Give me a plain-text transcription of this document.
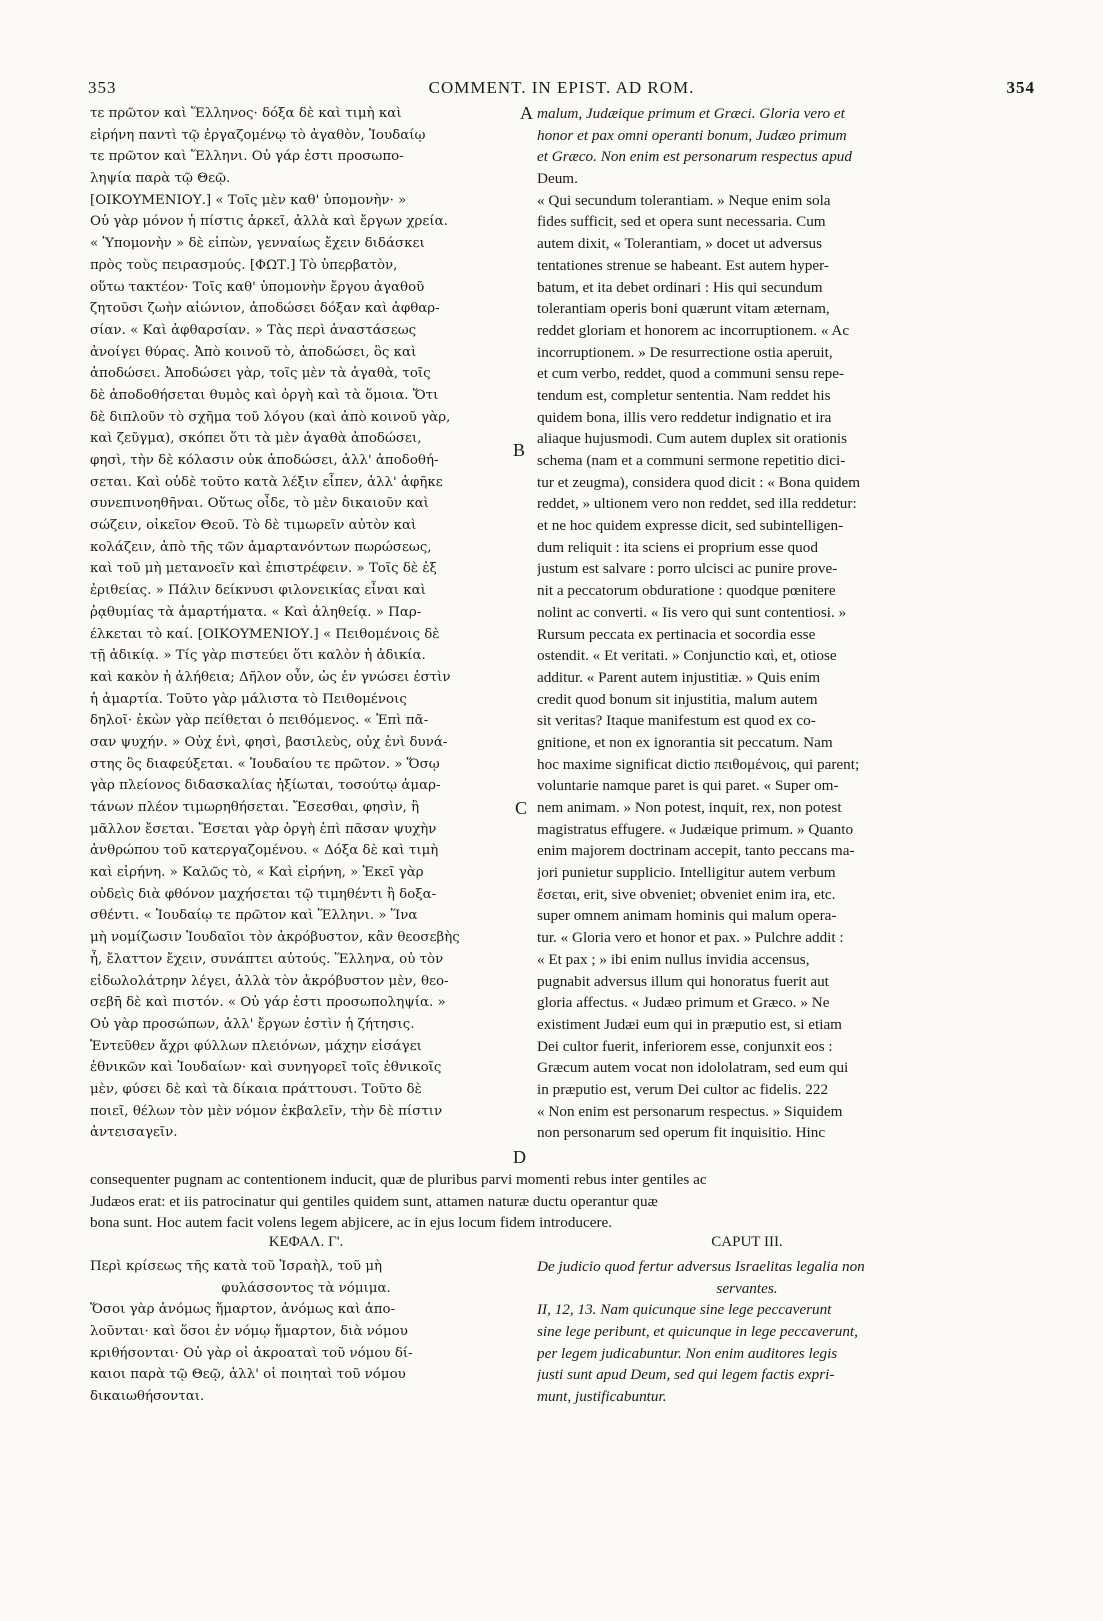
353	COMMENT. IN EPIST. AD ROM.	354
τε πρῶτον καὶ Ἕλληνος· δόξα δὲ καὶ τιμὴ καὶ
εἰρήνη παντὶ τῷ ἐργαζομένῳ τὸ ἀγαθὸν, Ἰουδαίῳ
τε πρῶτον καὶ Ἕλληνι. Οὐ γάρ ἐστι προσωπο-
ληψία παρὰ τῷ Θεῷ.
[ΟΙΚΟΥΜΕΝΙΟΥ.] « Τοῖς μὲν καθ' ὑπομονὴν· »
Οὐ γὰρ μόνον ἡ πίστις ἀρκεῖ, ἀλλὰ καὶ ἔργων χρεία.
« Ὑπομονὴν » δὲ εἰπὼν, γενναίως ἔχειν διδάσκει
πρὸς τοὺς πειρασμούς. [ΦΩΤ.] Τὸ ὑπερβατὸν,
οὕτω τακτέον· Τοῖς καθ' ὑπομονὴν ἔργου ἀγαθοῦ
ζητοῦσι ζωὴν αἰώνιον, ἀποδώσει δόξαν καὶ ἀφθαρ-
σίαν. « Καὶ ἀφθαρσίαν. » Τὰς περὶ ἀναστάσεως
ἀνοίγει θύρας. Ἀπὸ κοινοῦ τὸ, ἀποδώσει, ὃς καὶ
ἀποδώσει. Ἀποδώσει γὰρ, τοῖς μὲν τὰ ἀγαθὰ, τοῖς
δὲ ἀποδοθήσεται θυμὸς καὶ ὀργὴ καὶ τὰ ὅμοια. Ὅτι
δὲ διπλοῦν τὸ σχῆμα τοῦ λόγου (καὶ ἀπὸ κοινοῦ γὰρ,
καὶ ζεῦγμα), σκόπει ὅτι τὰ μὲν ἀγαθὰ ἀποδώσει,
φησὶ, τὴν δὲ κόλασιν οὐκ ἀποδώσει, ἀλλ' ἀποδοθή-
σεται. Καὶ οὐδὲ τοῦτο κατὰ λέξιν εἶπεν, ἀλλ' ἀφῆκε
συνεπινοηθῆναι. Οὕτως οἶδε, τὸ μὲν δικαιοῦν καὶ
σώζειν, οἰκεῖον Θεοῦ. Τὸ δὲ τιμωρεῖν αὐτὸν καὶ
κολάζειν, ἀπὸ τῆς τῶν ἁμαρτανόντων πωρώσεως,
καὶ τοῦ μὴ μετανοεῖν καὶ ἐπιστρέφειν. » Τοῖς δὲ ἐξ
ἐριθείας. » Πάλιν δείκνυσι φιλονεικίας εἶναι καὶ
ῥᾳθυμίας τὰ ἁμαρτήματα. « Καὶ ἀληθείᾳ. » Παρ-
έλκεται τὸ καί. [ΟΙΚΟΥΜΕΝΙΟΥ.] « Πειθομένοις δὲ
τῇ ἀδικίᾳ. » Τίς γὰρ πιστεύει ὅτι καλὸν ἡ ἀδικία.
καὶ κακὸν ἡ ἀλήθεια; Δῆλον οὖν, ὡς ἐν γνώσει ἐστὶν
ἡ ἁμαρτία. Τοῦτο γὰρ μάλιστα τὸ Πειθομένοις
δηλοῖ· ἑκὼν γὰρ πείθεται ὁ πειθόμενος. « Ἐπὶ πᾶ-
σαν ψυχήν. » Οὐχ ἑνὶ, φησὶ, βασιλεὺς, οὐχ ἑνὶ δυνά-
στης ὃς διαφεύξεται. « Ἰουδαίου τε πρῶτον. » Ὅσῳ
γὰρ πλείονος διδασκαλίας ἠξίωται, τοσούτῳ ἁμαρ-
τάνων πλέον τιμωρηθήσεται. Ἔσεσθαι, φησὶν, ἢ
μᾶλλον ἔσεται. Ἔσεται γὰρ ὀργὴ ἐπὶ πᾶσαν ψυχὴν
ἀνθρώπου τοῦ κατεργαζομένου. « Δόξα δὲ καὶ τιμὴ
καὶ εἰρήνη. » Καλῶς τὸ, « Καὶ εἰρήνη, » Ἐκεῖ γὰρ
οὐδεὶς διὰ φθόνον μαχήσεται τῷ τιμηθέντι ἢ δοξα-
σθέντι. « Ἰουδαίῳ τε πρῶτον καὶ Ἕλληνι. » Ἵνα
μὴ νομίζωσιν Ἰουδαῖοι τὸν ἀκρόβυστον, κἂν θεοσεβὴς
ἦ, ἔλαττον ἔχειν, συνάπτει αὐτούς. Ἕλληνα, οὐ τὸν
εἰδωλολάτρην λέγει, ἀλλὰ τὸν ἀκρόβυστον μὲν, θεο-
σεβῆ δὲ καὶ πιστόν. « Οὐ γάρ ἐστι προσωποληψία. »
Οὐ γὰρ προσώπων, ἀλλ' ἔργων ἐστὶν ἡ ζήτησις.
Ἐντεῦθεν ἄχρι φύλλων πλειόνων, μάχην εἰσάγει
ἐθνικῶν καὶ Ἰουδαίων· καὶ συνηγορεῖ τοῖς ἐθνικοῖς
μὲν, φύσει δὲ καὶ τὰ δίκαια πράττουσι. Τοῦτο δὲ
ποιεῖ, θέλων τὸν μὲν νόμον ἐκβαλεῖν, τὴν δὲ πίστιν
ἀντεισαγεῖν.
malum, Judæique primum et Græci. Gloria vero et
honor et pax omni operanti bonum, Judæo primum
et Græco. Non enim est personarum respectus apud
Deum.
« Qui secundum tolerantiam. » Neque enim sola
fides sufficit, sed et opera sunt necessaria. Cum
autem dixit, « Tolerantiam, » docet ut adversus
tentationes strenue se habeant. Est autem hyper-
batum, et ita debet ordinari : His qui secundum
tolerantiam operis boni quærunt vitam æternam,
reddet gloriam et honorem ac incorruptionem. « Ac
incorruptionem. » De resurrectione ostia aperuit,
et cum verbo, reddet, quod a communi sensu repe-
tendum est, completur sententia. Nam reddet his
quidem bona, illis vero reddetur indignatio et ira
aliaque hujusmodi. Cum autem duplex sit orationis
schema (nam et a communi sermone repetitio dici-
tur et zeugma), considera quod dicit : « Bona quidem
reddet, » ultionem vero non reddet, sed illa reddetur:
et ne hoc quidem expresse dicit, sed subintelligen-
dum reliquit : ita sciens ei proprium esse quod
justum est salvare : porro ulcisci ac punire prove-
nit a peccatorum obduratione : quodque pœnitere
nolint ac converti. « Iis vero qui sunt contentiosi. »
Rursum peccata ex pertinacia et socordia esse
ostendit. « Et veritati. » Conjunctio καὶ, et, otiose
additur. « Parent autem injustitiæ. » Quis enim
credit quod bonum sit injustitia, malum autem
sit veritas? Itaque manifestum est quod ex co-
gnitione, et non ex ignorantia sit peccatum. Nam
hoc maxime significat dictio πειθομένοις, qui parent;
voluntarie namque paret is qui paret. « Super om-
nem animam. » Non potest, inquit, rex, non potest
magistratus effugere. « Judæique primum. » Quanto
enim majorem doctrinam accepit, tanto peccans ma-
jori punietur supplicio. Intelligitur autem verbum
ἔσεται, erit, sive obveniet; obveniet enim ira, etc.
super omnem animam hominis qui malum opera-
tur. « Gloria vero et honor et pax. » Pulchre addit :
« Et pax ; » ibi enim nullus invidia accensus,
pugnabit adversus illum qui honoratus fuerit aut
gloria affectus. « Judæo primum et Græco. » Ne
existiment Judæi eum qui in præputio est, si etiam
Dei cultor fuerit, inferiorem esse, conjunxit eos :
Græcum autem vocat non idololatram, sed eum qui
in præputio est, verum Dei cultor ac fidelis. 222
« Non enim est personarum respectus. » Siquidem
non personarum sed operum fit inquisitio. Hinc
A
B
C
D
consequenter pugnam ac contentionem inducit, quæ de pluribus parvi momenti rebus inter gentiles ac
Judæos erat: et iis patrocinatur qui gentiles quidem sunt, attamen naturæ ductu operantur quæ
bona sunt. Hoc autem facit volens legem abjicere, ac in ejus locum fidem introducere.
ΚΕΦΑΛ. Γ'.	CAPUT III.
Περὶ κρίσεως τῆς κατὰ τοῦ Ἰσραὴλ, τοῦ μὴ
φυλάσσοντος τὰ νόμιμα.
Ὅσοι γὰρ ἀνόμως ἥμαρτον, ἀνόμως καὶ ἀπο-
λοῦνται· καὶ ὅσοι ἐν νόμῳ ἥμαρτον, διὰ νόμου
κριθήσονται· Οὐ γὰρ οἱ ἀκροαταὶ τοῦ νόμου δί-
καιοι παρὰ τῷ Θεῷ, ἀλλ' οἱ ποιηταὶ τοῦ νόμου
δικαιωθήσονται.
De judicio quod fertur adversus Israelitas legalia non
servantes.
II, 12, 13. Nam quicunque sine lege peccaverunt
sine lege peribunt, et quicunque in lege peccaverunt,
per legem judicabuntur. Non enim auditores legis
justi sunt apud Deum, sed qui legem factis expri-
munt, justificabuntur.
